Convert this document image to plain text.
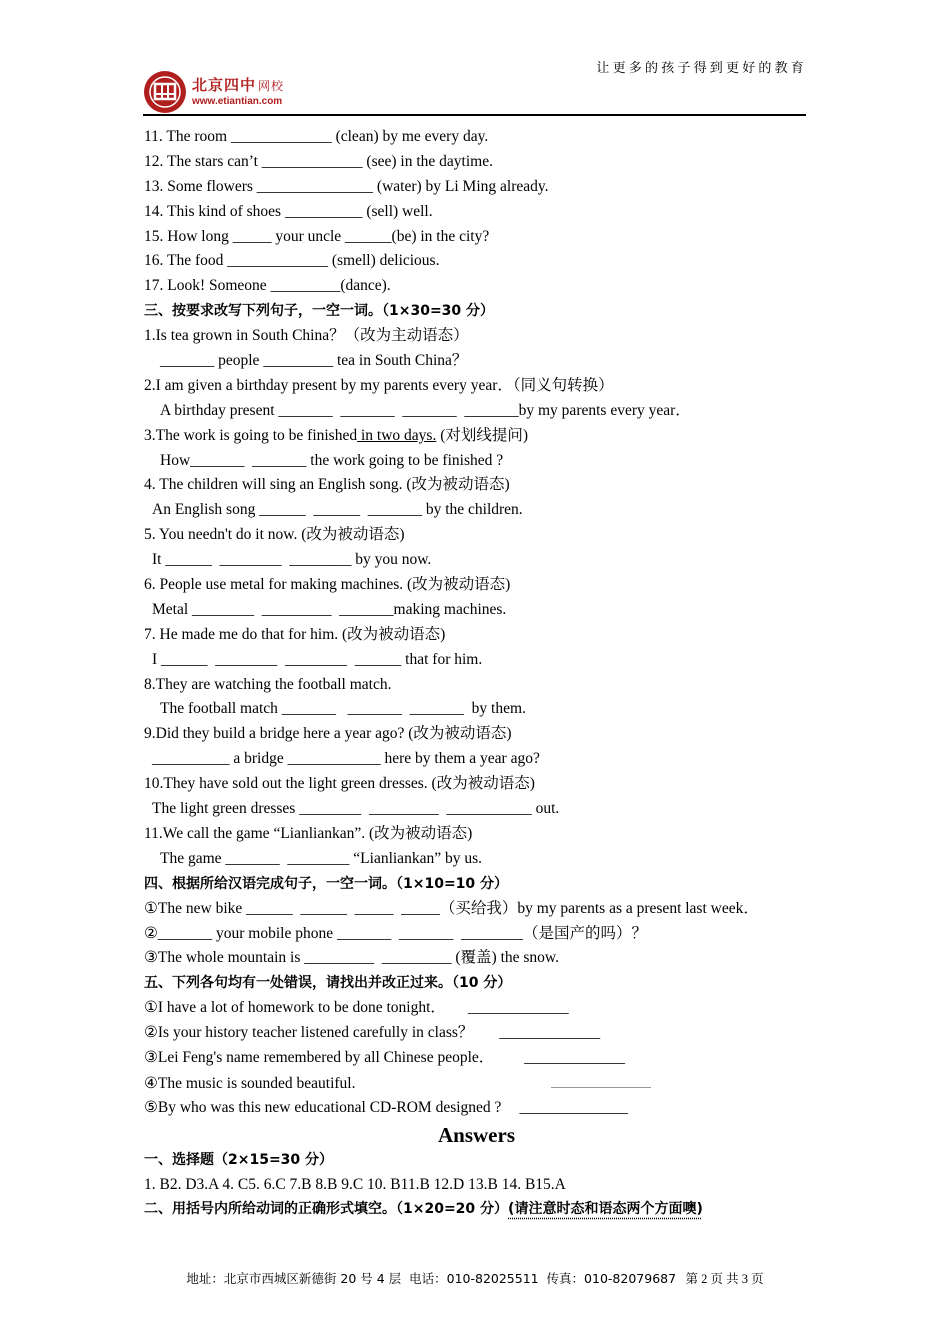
北京四中 网校
www.etiantian.com
让更多的孩子得到更好的教育
11. The room _____________ (clean) by me every day.
12. The stars can’t _____________ (see) in the daytime.
13. Some flowers _______________ (water) by Li Ming already.
14. This kind of shoes __________ (sell) well.
15. How long _____ your uncle ______(be) in the city?
16. The food _____________ (smell) delicious.
17. Look! Someone _________(dance).
三、按要求改写下列句子，一空一词。（1×30=30 分）
1.Is tea grown in South China？（改为主动语态）
_______ people _________ tea in South China？
2.I am given a birthday present by my parents every year．（同义句转换）
A birthday present _______  _______  _______  _______by my parents every year．
3.The work is going to be finished in two days. (对划线提问)
How_______  _______ the work going to be finished ?
4. The children will sing an English song. (改为被动语态)
An English song ______  ______  _______ by the children.
5. You needn't do it now. (改为被动语态)
It ______  ________  ________ by you now.
6. People use metal for making machines. (改为被动语态)
Metal ________  _________  _______making machines.
7. He made me do that for him. (改为被动语态)
I ______  ________  ________  ______ that for him.
8.They are watching the football match.
The football match _______   _______  _______  by them.
9.Did they build a bridge here a year ago? (改为被动语态)
__________ a bridge ____________ here by them a year ago?
10.They have sold out the light green dresses. (改为被动语态)
The light green dresses ________  _________  ___________ out.
11.We call the game “Lianliankan”. (改为被动语态)
The game _______  ________ “Lianliankan” by us.
四、根据所给汉语完成句子，一空一词。（1×10=10 分）
①The new bike ______  ______  _____  _____（买给我）by my parents as a present last week．
②_______ your mobile phone _______  _______  ________（是国产的吗）？
③The whole mountain is _________  _________ (覆盖) the snow.
五、下列各句均有一处错误，请找出并改正过来。（10 分）
①I have a lot of homework to be done tonight． _____________
②Is your history teacher listened carefully in class？ _____________
③Lei Feng's name remembered by all Chinese people． _____________
④The music is sounded beautiful.
⑤By who was this new educational CD-ROM designed ? ______________
Answers
一、选择题（2×15=30 分）
1. B2. D3.A 4. C5. 6.C 7.B 8.B 9.C 10. B11.B 12.D 13.B 14. B15.A
二、用括号内所给动词的正确形式填空。（1×20=20 分）(请注意时态和语态两个方面噢)
地址：北京市西城区新德街 20 号 4 层  电话：010-82025511  传真：010-82079687 第 2 页 共 3 页
